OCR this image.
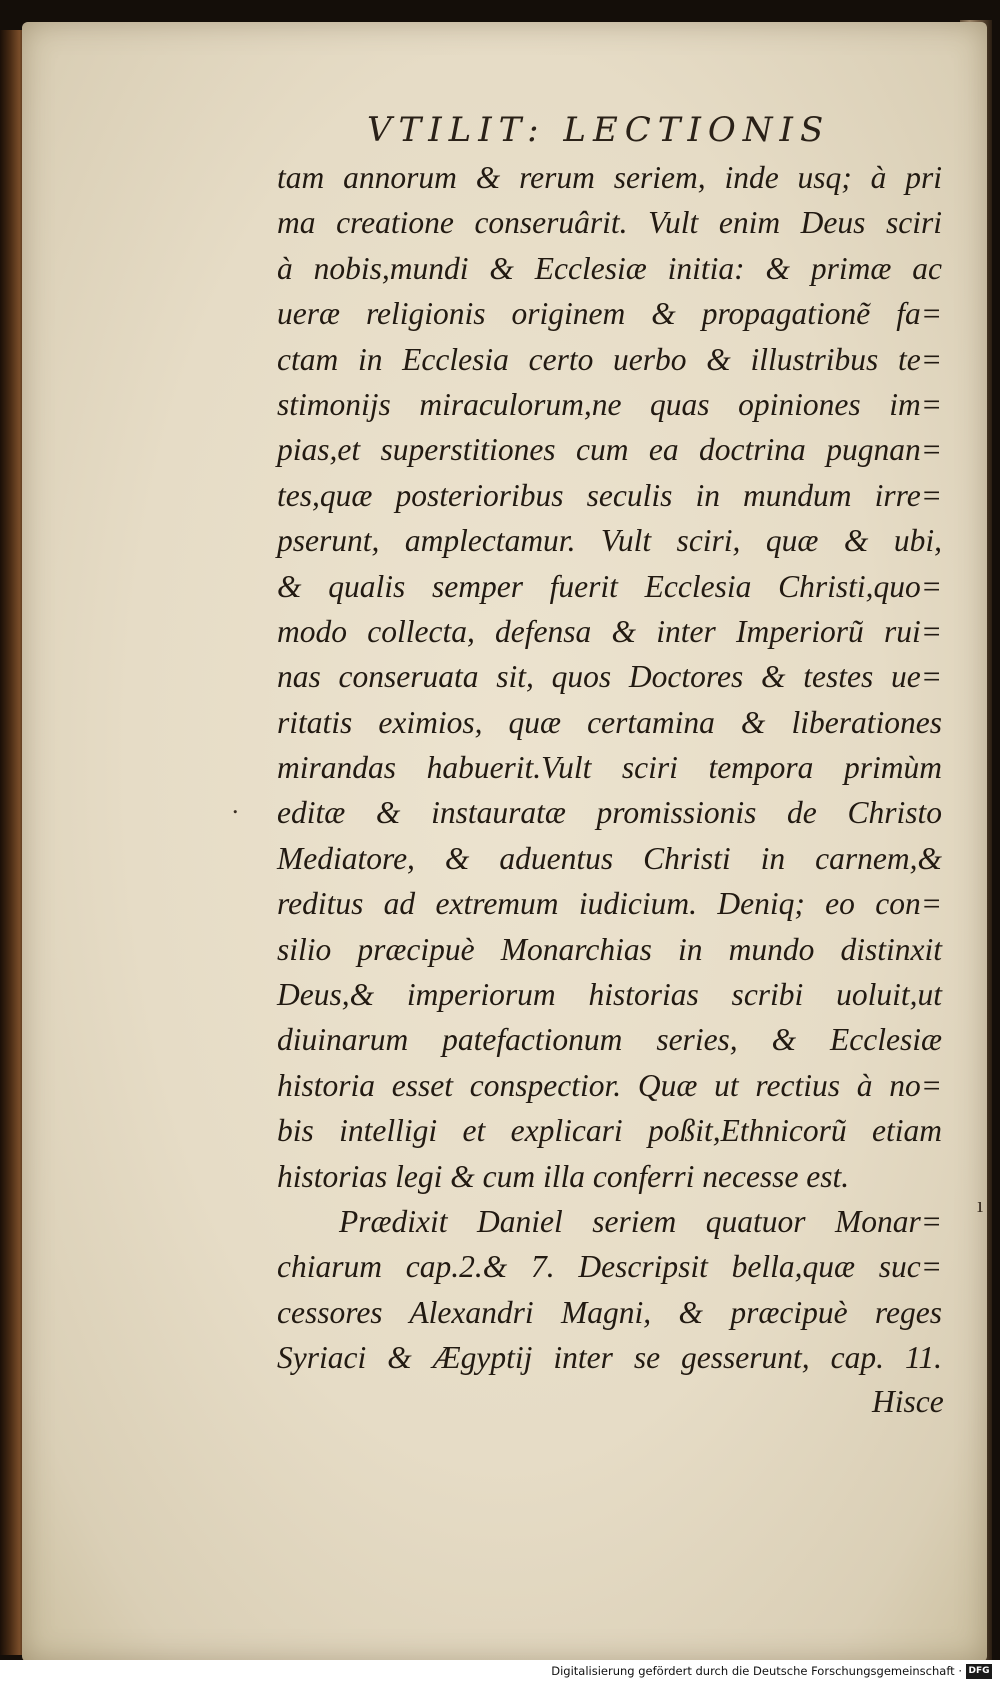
VTILIT: LECTIONIS
tam annorum & rerum seriem, inde usq; à pri
ma creatione conseruârit. Vult enim Deus sciri
à nobis,mundi & Ecclesiæ initia: & primæ ac
ueræ religionis originem & propagationẽ fa=
ctam in Ecclesia certo uerbo & illustribus te=
stimonijs miraculorum,ne quas opiniones im=
pias,et superstitiones cum ea doctrina pugnan=
tes,quæ posterioribus seculis in mundum irre=
pserunt, amplectamur. Vult sciri, quæ & ubi,
& qualis semper fuerit Ecclesia Christi,quo=
modo collecta, defensa & inter Imperiorũ rui=
nas conseruata sit, quos Doctores & testes ue=
ritatis eximios, quæ certamina & liberationes
mirandas habuerit.Vult sciri tempora primùm
editæ & instauratæ promissionis de Christo
Mediatore, & aduentus Christi in carnem,&
reditus ad extremum iudicium. Deniq; eo con=
silio præcipuè Monarchias in mundo distinxit
Deus,& imperiorum historias scribi uoluit,ut
diuinarum patefactionum series, & Ecclesiæ
historia esset conspectior. Quæ ut rectius à no=
bis intelligi et explicari poßit,Ethnicorũ etiam
historias legi & cum illa conferri necesse est.
Prædixit Daniel seriem quatuor Monar=
chiarum cap.2.& 7. Descripsit bella,quæ suc=
cessores Alexandri Magni, & præcipuè reges
Syriaci & Ægyptij inter se gesserunt, cap. 11.
Hisce
.
ı
Digitalisierung gefördert durch die Deutsche Forschungsgemeinschaft · DFG
